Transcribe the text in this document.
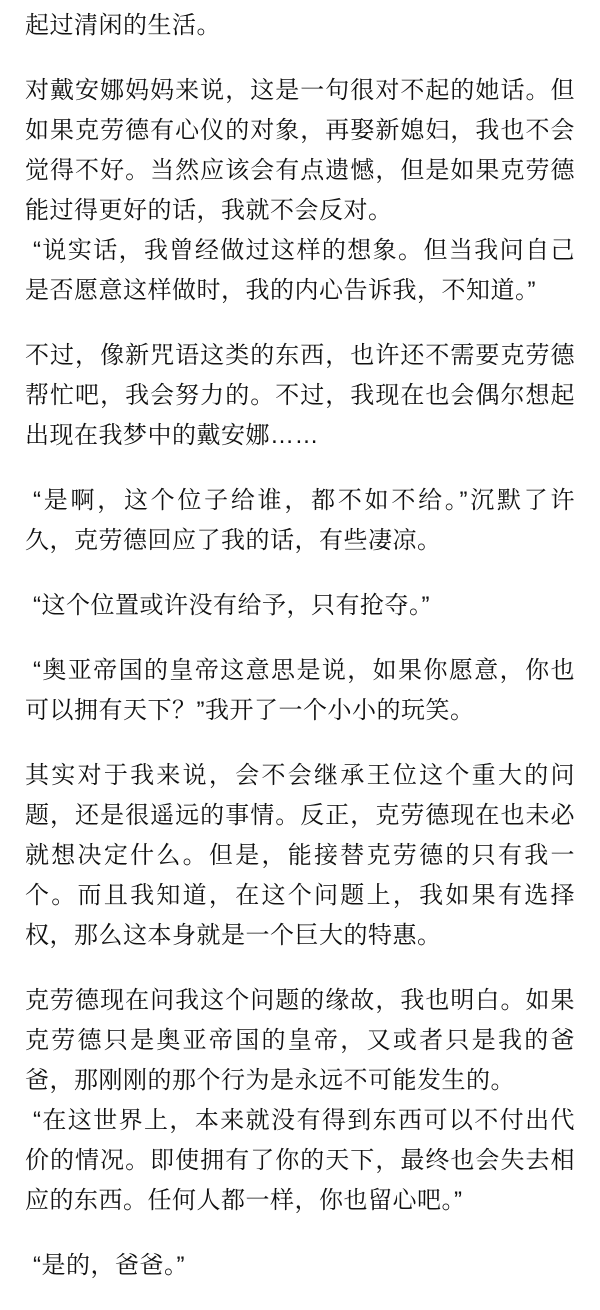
起过清闲的生活。

对戴安娜妈妈来说，这是一句很对不起的她话。但如果克劳德有心仪的对象，再娶新媳妇，我也不会觉得不好。当然应该会有点遗憾，但是如果克劳德能过得更好的话，我就不会反对。

“说实话，我曾经做过这样的想象。但当我问自己是否愿意这样做时，我的内心告诉我，不知道。”

不过，像新咒语这类的东西，也许还不需要克劳德帮忙吧，我会努力的。不过，我现在也会偶尔想起出现在我梦中的戴安娜……

“是啊，这个位子给谁，都不如不给。”沉默了许久，克劳德回应了我的话，有些凄凉。

“这个位置或许没有给予，只有抢夺。”

“奥亚帝国的皇帝这意思是说，如果你愿意，你也可以拥有天下？”我开了一个小小的玩笑。

其实对于我来说，会不会继承王位这个重大的问题，还是很遥远的事情。反正，克劳德现在也未必就想决定什么。但是，能接替克劳德的只有我一个。而且我知道，在这个问题上，我如果有选择权，那么这本身就是一个巨大的特惠。

克劳德现在问我这个问题的缘故，我也明白。如果克劳德只是奥亚帝国的皇帝，又或者只是我的爸爸，那刚刚的那个行为是永远不可能发生的。

“在这世界上，本来就没有得到东西可以不付出代价的情况。即使拥有了你的天下，最终也会失去相应的东西。任何人都一样，你也留心吧。”

“是的，爸爸。”
